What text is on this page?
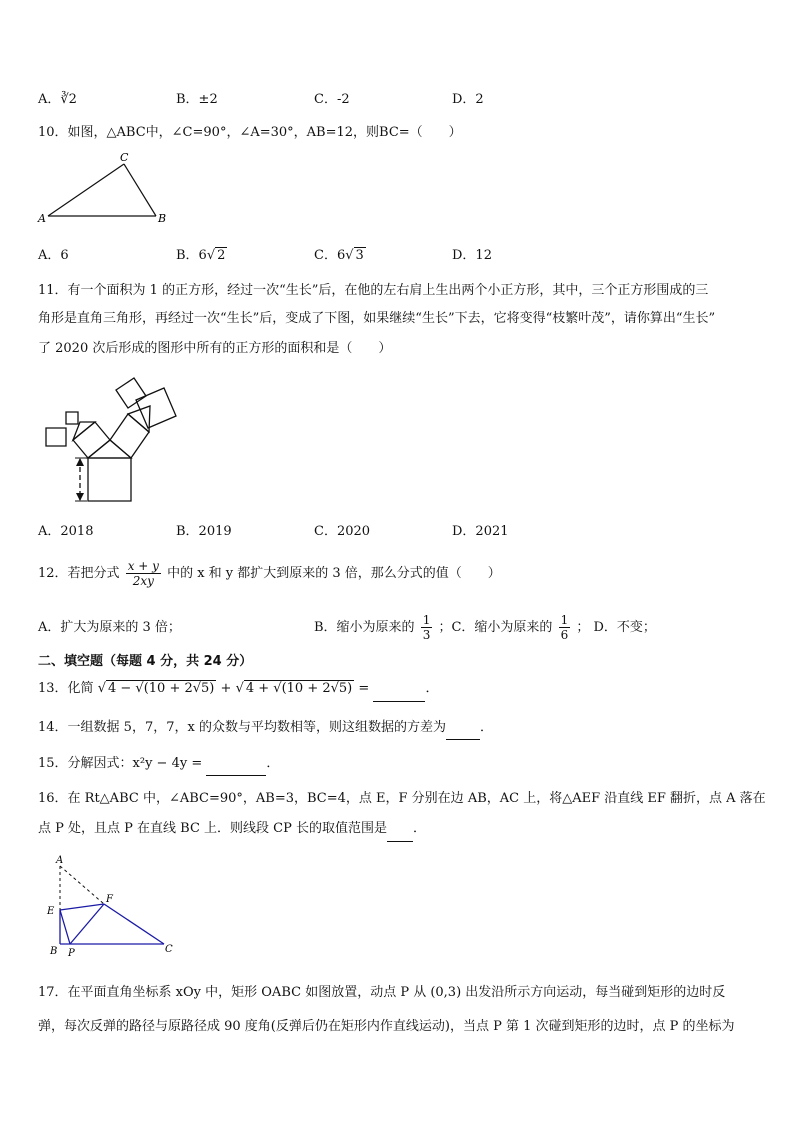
A．∛2	B．±2	C．-2	D．2
10．如图，△ABC中，∠C=90°，∠A=30°，AB=12，则BC=（　　）
A
C
B
A．6	B．6√ 2	C．6√ 3	D．12
11．有一个面积为 1 的正方形，经过一次“生长”后，在他的左右肩上生出两个小正方形，其中，三个正方形围成的三
角形是直角三角形，再经过一次“生长”后，变成了下图，如果继续“生长”下去，它将变得“枝繁叶茂”，请你算出“生长”
了 2020 次后形成的图形中所有的正方形的面积和是（　　）
A．2018	B．2019	C．2020	D．2021
12．若把分式 $\frac{x + y}{2xy}$ 中的 x 和 y 都扩大到原来的 3 倍，那么分式的值（　　）
A．扩大为原来的 3 倍；	B．缩小为原来的 $\frac{1}{3}$ ；C．缩小为原来的 $\frac{1}{6}$ ； D．不变；
二、填空题（每题 4 分，共 24 分）
13．化简 √ 4 − √(10 + 2√5) + √ 4 + √(10 + 2√5) =	．
14．一组数据 5，7，7，x 的众数与平均数相等，则这组数据的方差为	．
15．分解因式：x²y − 4y =	．
16．在 Rt△ABC 中，∠ABC=90°，AB=3，BC=4，点 E，F 分别在边 AB，AC 上，将△AEF 沿直线 EF 翻折，点 A 落在
点 P 处，且点 P 在直线 BC 上．则线段 CP 长的取值范围是 ．
A
E
F
B P	C
17．在平面直角坐标系 xOy 中，矩形 OABC 如图放置，动点 P 从 (0,3) 出发沿所示方向运动，每当碰到矩形的边时反
弹，每次反弹的路径与原路径成 90 度角(反弹后仍在矩形内作直线运动)，当点 P 第 1 次碰到矩形的边时，点 P 的坐标为
